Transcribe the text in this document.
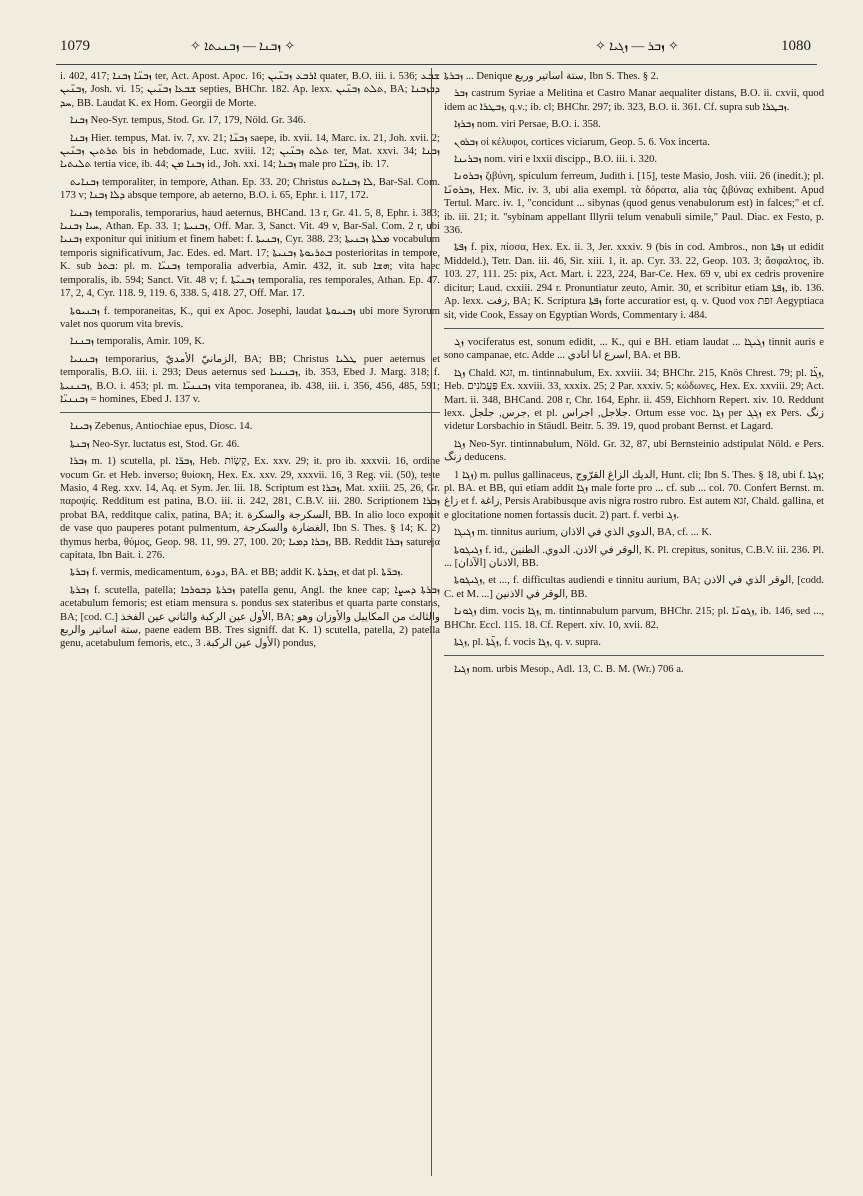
1079	✧ ܙܒܢܐ — ܙܒܢܝܬܐ ✧	✧ ܙܒܪ — ܙܓܝܐ ✧	1080

i. 402, 417; ܙܒܢ̈ܐ ܙܒܢܐ ter, Act. Apost. Apoc. 16; ܐܪܒܥ ܙܒܢ̈ܝܢ quater, B.O. iii. i. 536; ܫܒܥ ܙܒܢ̈ܝܢ, Josh. vi. 15; ܫܒܥܐ ܙܒܢ̈ܝܢ septies, BHChr. 182. Ap. lexx. ܬܠܬ ܙܒܢ̈ܝܢ, BA; ܕܒܙܒܢܐ ܚܕ, BB. Laudat K. ex Hom. Georgii de Morte.

ܙܒܢܐ Neo-Syr. tempus, Stod. Gr. 17, 179, Nöld. Gr. 346.

ܙܒܢܐ Hier. tempus, Mat. iv. 7, xv. 21; ܙܒܢ̈ܐ saepe, ib. xvii. 14, Marc. ix. 21, Joh. xvii. 2; ܬܪܬܝܢ ܙܒܢ̈ܝܢ bis in hebdomade, Luc. xviii. 12; ܬܠܬ ܙܒܢ̈ܝܢ ter, Mat. xxvi. 34; ܙܒܢܐ ܬܠܝܬܝܐ tertia vice, ib. 44; ܙܒܢܐ ܡܢ id., Joh. xxi. 14; ܙܒܢܐ male pro ܙܒܢ̈ܐ, ib. 17.

ܙܒܢܐܝܬ temporaliter, in tempore, Athan. Ep. 33. 20; Christus ܠܐ ܙܒܢܐܝܬ, Bar-Sal. Com. 173 v; ܕܠܐ ܙܒܢܐ absque tempore, ab aeterno, B.O. i. 65, Ephr. i. 117, 172.

ܙܒܢܝܐ temporalis, temporarius, haud aeternus, BHCand. 13 r, Gr. 41. 5, 8, Ephr. i. 383; ܚܝܐ ܙܒܢܝܐ, Athan. Ep. 33. 1; ܙܒܢܝܬܐ, Off. Mar. 3, Sanct. Vit. 49 v, Bar-Sal. Com. 2 r, ubi ܙܒܢܝܐ exponitur qui initium et finem habet: f. ܙܒܢܝܬܐ, Cyr. 388. 23; ܡܠܬܐ ܙܒܢܝܬܐ vocabulum temporis significativum, Jac. Edes. ed. Mart. 17; ܒܬܪܝܘܬܐ ܙܒܢܝܬܐ posterioritas in tempore, K. sub ܒܬܪ: pl. m. ܙܒܢܝ̈ܐ temporalia adverbia, Amir. 432, it. sub ܗܫܐ; vita haec temporalis, ib. 594; Sanct. Vit. 48 v; f. ܙܒܢܝ̈ܬܐ temporalia, res temporales, Athan. Ep. 47. 17, 2, 4, Cyr. 118. 9, 119. 6, 338. 5, 418. 27, Off. Mar. 17.

ܙܒܢܝܘܬܐ f. temporaneitas, K., qui ex Apoc. Josephi, laudat ܙܒܢܝܘܬܐ ubi more Syrorum valet nos quorum vita brevis.

ܙܒܢܢܐ temporalis, Amir. 109, K.

ܙܒܢܢܝܐ temporarius, الزمانيّ الأمديّ, BA; BB; Christus ܛܠܝܐ puer aeternus et temporalis, B.O. iii. i. 293; Deus aeternus sed ܙܒܢܢܝܐ, ib. 353, Ebed J. Marg. 318; f. ܙܒܢܢܝܬܐ, B.O. i. 453; pl. m. ܙܒܢܢܝ̈ܐ vita temporanea, ib. 438, iii. i. 356, 456, 485, 591; ܙܒܢܢܝ̈ܐ = homines, Ebed J. 137 v.

ܙܒܝܢܐ Zebenus, Antiochiae epus, Diosc. 14.

ܙܒܢܬܐ Neo-Syr. luctatus est, Stod. Gr. 46.

ܙܒܪܐ m. 1) scutella, pl. ܙܒܪ̈ܐ, Heb. קְשָׂוֹת, Ex. xxv. 29; it. pro ib. xxxvii. 16, ordine vocum Gr. et Heb. inverso; θυίσκη, Hex. Ex. xxv. 29, xxxvii. 16, 3 Reg. vii. (50), teste Masio, 4 Reg. xxv. 14, Aq. et Sym. Jer. lii. 18. Scriptum est ܙܒܪܐ, Mat. xxiii. 25, 26, Gr. παροψίς. Redditum est patina, B.O. iii. ii. 242, 281, C.B.V. iii. 280. Scriptionem ܙܒܪܐ probat BA, redditque calix, patina, BA; it. السكرجة والسكرة, BB. In alio loco exponit de vase quo pauperes potant pulmentum, الغضارة والسكرجة, Ibn S. Thes. § 14; K. 2) thymus herba, θύμος, Geop. 98. 11, 99. 27, 100. 20; ܙܒܪܐ ܕܡܝܐ, BB. Reddit ܙܒܪܐ saturejα capitata, Ibn Bait. i. 276.

ܙܒܪܬܐ f. vermis, medicamentum, دودة, BA. et BB; addit K. ܙܒܪܬܐ, et dat pl. ܙܒܪ̈ܬܐ.

ܙܒܪܬܐ f. scutella, patella; ܙܒܪܬܐ ܕܒܘܪܟܐ patella genu, Angl. the knee cap; ܙܒܪܬܐ ܕܚܨܐ acetabulum femoris; est etiam mensura s. pondus sex stateribus et quarta parte constans, BA; [cod. C.] الأول عين الركبة والثاني عين الفخذ, BA; والثالث من المكاييل والأوزان وهو ستة اساتير والربع, paene eadem BB. Tres signiff. dat K. 1) scutella, patella, 2) patella genu, acetabulum femoris, etc., الأول عين الركبة. 3) pondus,

ܙܒܪܬܐ ... Denique ستة اساتير وربع, Ibn S. Thes. § 2.

ܙܒܪ castrum Syriae a Melitina et Castro Manar aequaliter distans, B.O. ii. cxvii, quod idem ac ܙܒܛܪܐ, q.v.; ib. cl; BHChr. 297; ib. 323, B.O. ii. 361. Cf. supra sub ܙܒܛܪܐ.

ܙܒܪܙܐ nom. viri Persae, B.O. i. 358.

ܙܒܪܘܢ οἱ κέλυφοι, cortices viciarum, Geop. 5. 6. Vox incerta.

ܙܒܪܝܢܐ nom. viri e lxxii discipp., B.O. iii. i. 320.

ܙܒܪܘܢܐ ζιβύνη, spiculum ferreum, Judith i. [15], teste Masio, Josh. viii. 26 (inedit.); pl. ܙܒܪܘܢ̈ܐ, Hex. Mic. iv. 3, ubi alia exempl. τὰ δόρατα, alia τὰς ζιβύνας exhibent. Apud Tertul. Marc. iv. 1, "concidunt ... sibynas (quod genus venabulorum est) in falces;" et cf. ib. iii. 21; it. "sybinam appellant Illyrii telum venabuli simile," Paul. Diac. ex Festo, p. 336.

ܙܦܬܐ f. pix, πίσσα, Hex. Ex. ii. 3, Jer. xxxiv. 9 (bis in cod. Ambros., non ܙܦܬܐ ut edidit Middeld.), Tetr. Dan. iii. 46, Sir. xiii. 1, it. ap. Cyr. 33. 22, Geop. 103. 3; ἄσφαλτος, ib. 103. 27, 111. 25: pix, Act. Mart. i. 223, 224, Bar-Ce. Hex. 69 v, ubi ex cedris provenire dicitur; Laud. cxxiii. 294 r. Pronuntiatur zeuto, Amir. 30, et scribitur etiam ܙܦܬܐ, ib. 136. Ap. lexx. زفت, BA; K. Scriptura ܙܦܬܐ forte accuratior est, q. v. Quod vox זפת Aegyptiaca sit, vide Cook, Essay on Egyptian Words, Commentary i. 484.

ܙܓ vociferatus est, sonum edidit, ... K., qui e BH. etiam laudat ... ܙܓܝܓܐ tinnit auris e sono campanae, etc. Adde ... اسرع انا انادي, BA. et BB.

ܙܓܐ Chald. זגא, m. tintinnabulum, Ex. xxviii. 34; BHChr. 215, Knös Chrest. 79; pl. ܙܓ̈ܐ, Heb. פַּעֲמֹנִים Ex. xxviii. 33, xxxix. 25; 2 Par. xxxiv. 5; κώδωνες, Hex. Ex. xxviii. 29; Act. Mart. ii. 348, BHCand. 208 r, Chr. 164, Ephr. ii. 459, Eichhorn Repert. xiv. 10. Reddunt lexx. جرس, جلجل, et pl. جلاجل, اجراس. Ortum esse voc. ܙܓܐ per ܙܓܓ ex Pers. زنگ videtur Lorsbachio in Stäudl. Beitr. 5. 39. 19, quod probant Bernst. et Lagard.

ܙܓܐ Neo-Syr. tintinnabulum, Nöld. Gr. 32, 87, ubi Bernsteinio adstipulat Nöld. e Pers. زنگ deducens.

ܙܓܐ 1) m. pullus gallinaceus, الديك الزاغ القرّوج, Hunt. cli; Ibn S. Thes. § 18, ubi f. ܙܓܬܐ; pl. BA. et BB, qui etiam addit ܙܓܐ male forte pro ... cf. sub ... col. 70. Confert Bernst. m. زاغ et f. زاغة, Persis Arabibusque avis nigra rostro rubro. Est autem זגא, Chald. gallina, et e glocitatione nomen fortassis ducit. 2) part. f. verbi ܙܓ.

ܙܓܝܓܐ m. tinnitus aurium, الدوي الذي في الاذان, BA, cf. ... K.

ܙܓܝܓܘܬܐ f. id., الوقر في الاذن. الدوي. الطنين, K. Pl. crepitus, sonitus, C.B.V. iii. 236. Pl. ... الاذنان [الآذان], BB.

ܙܓܝܓܘܬܐ, et ..., f. difficultas audiendi e tinnitu aurium, BA; الوقر الذي في الاذن, [codd. C. et M. ...] الوقر في الاذنين, BB.

ܙܓܘܢܐ dim. vocis ܙܓܐ, m. tintinnabulum parvum, BHChr. 215; pl. ܙܓܘܢ̈ܐ, ib. 146, sed ..., BHChr. Eccl. 115. 18. Cf. Repert. xiv. 10, xvii. 82.

ܙܓܬܐ, pl. ܙܓ̈ܬܐ, f. vocis ܙܓܐ, q. v. supra.

ܙܓܝܐ nom. urbis Mesop., Adl. 13, C. B. M. (Wr.) 706 a.
